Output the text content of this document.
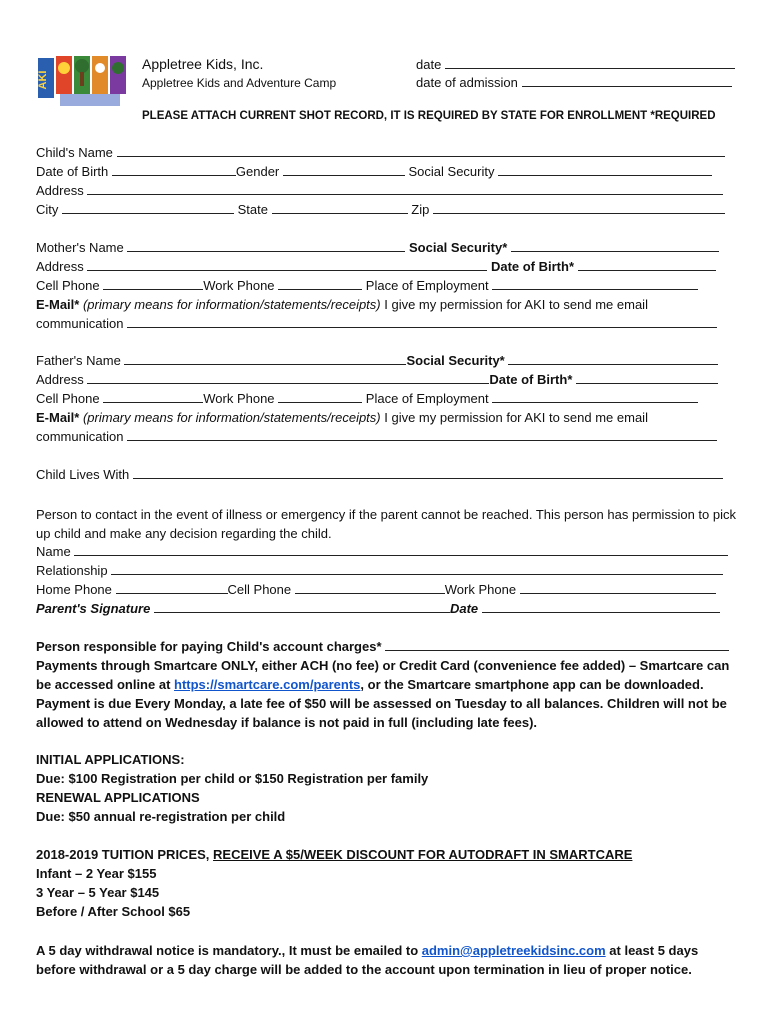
AKI
Appletree Kids, Inc.
Appletree Kids and Adventure Camp
date
date of admission
PLEASE ATTACH CURRENT SHOT RECORD, IT IS REQUIRED BY STATE FOR ENROLLMENT *REQUIRED
Child's Name
Date of Birth	Gender	Social Security
Address
City	State	Zip
Mother's Name	Social Security*
Address	Date of Birth*
Cell Phone	Work Phone	Place of Employment
E-Mail* (primary means for information/statements/receipts) I give my permission for AKI to send me email
communication
Father's Name	Social Security*
Address	Date of Birth*
Cell Phone	Work Phone	Place of Employment
E-Mail* (primary means for information/statements/receipts) I give my permission for AKI to send me email
communication
Child Lives With
Person to contact in the event of illness or emergency if the parent cannot be reached. This person has permission to pick up child and make any decision regarding the child.
Name
Relationship
Home Phone	Cell Phone	Work Phone
Parent's Signature	Date
Person responsible for paying Child's account charges*
Payments through Smartcare ONLY, either ACH (no fee) or Credit Card (convenience fee added) – Smartcare can be accessed online at https://smartcare.com/parents, or the Smartcare smartphone app can be downloaded. Payment is due Every Monday, a late fee of $50 will be assessed on Tuesday to all balances. Children will not be allowed to attend on Wednesday if balance is not paid in full (including late fees).
INITIAL APPLICATIONS:
Due: $100 Registration per child or $150 Registration per family
RENEWAL APPLICATIONS
Due: $50 annual re-registration per child
2018-2019 TUITION PRICES, RECEIVE A $5/WEEK DISCOUNT FOR AUTODRAFT IN SMARTCARE
Infant – 2 Year $155
3 Year – 5 Year $145
Before / After School $65
A 5 day withdrawal notice is mandatory., It must be emailed to admin@appletreekidsinc.com at least 5 days before withdrawal or a 5 day charge will be added to the account upon termination in lieu of proper notice.
